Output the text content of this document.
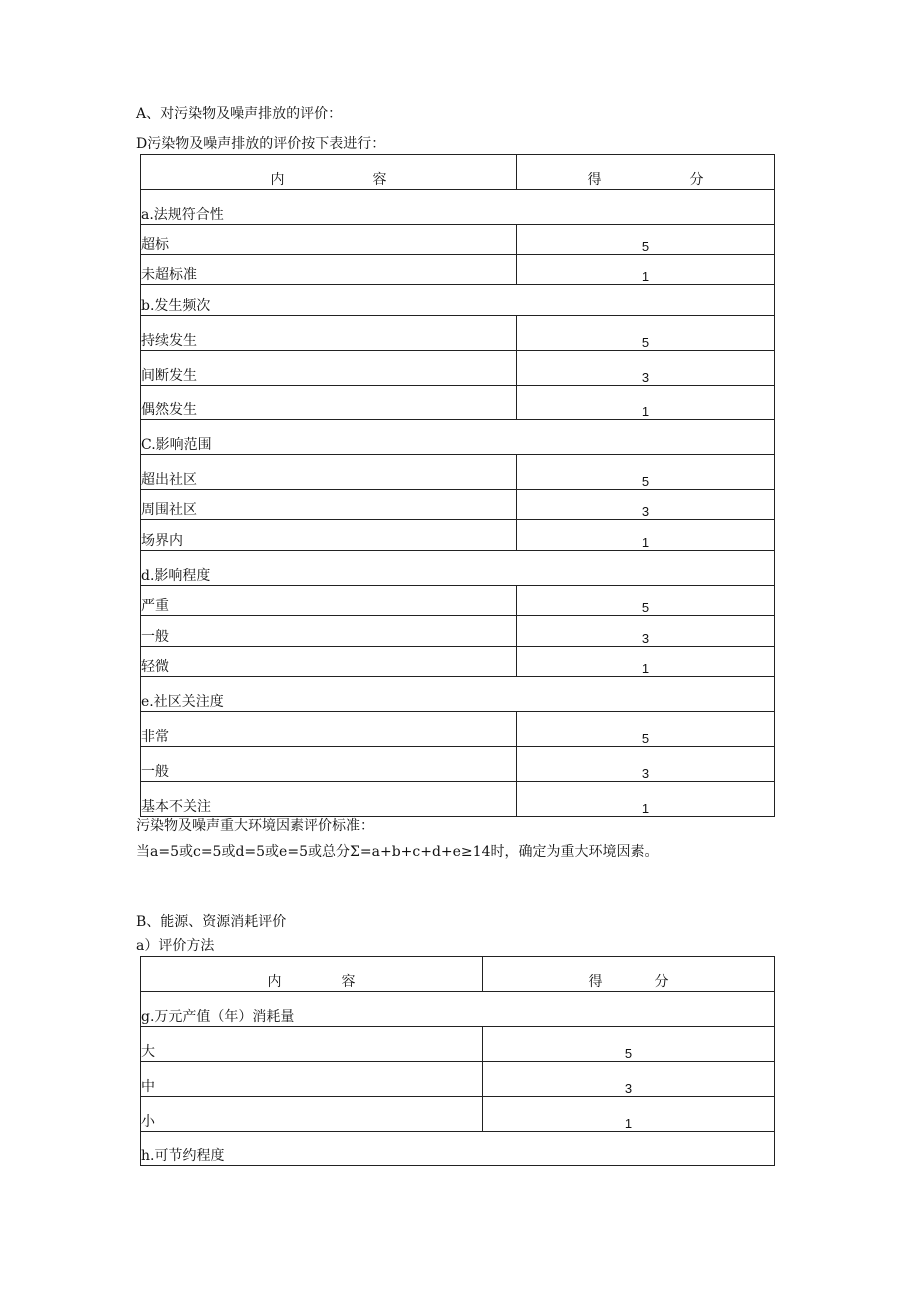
A、对污染物及噪声排放的评价：
D污染物及噪声排放的评价按下表进行：
内 容	得 分
a.法规符合性	
超标	5
未超标准	1
b.发生频次	
持续发生	5
间断发生	3
偶然发生	1
C.影响范围	
超出社区	5
周围社区	3
场界内	1
d.影响程度	
严重	5
一般	3
轻微	1
e.社区关注度	
非常	5
一般	3
基本不关注	1
污染物及噪声重大环境因素评价标准：
当a=5或c=5或d=5或e=5或总分Σ=a+b+c+d+e≥14时，确定为重大环境因素。
B、能源、资源消耗评价
a）评价方法
内 容	得 分
g.万元产值（年）消耗量	
大	5
中	3
小	1
h.可节约程度	
